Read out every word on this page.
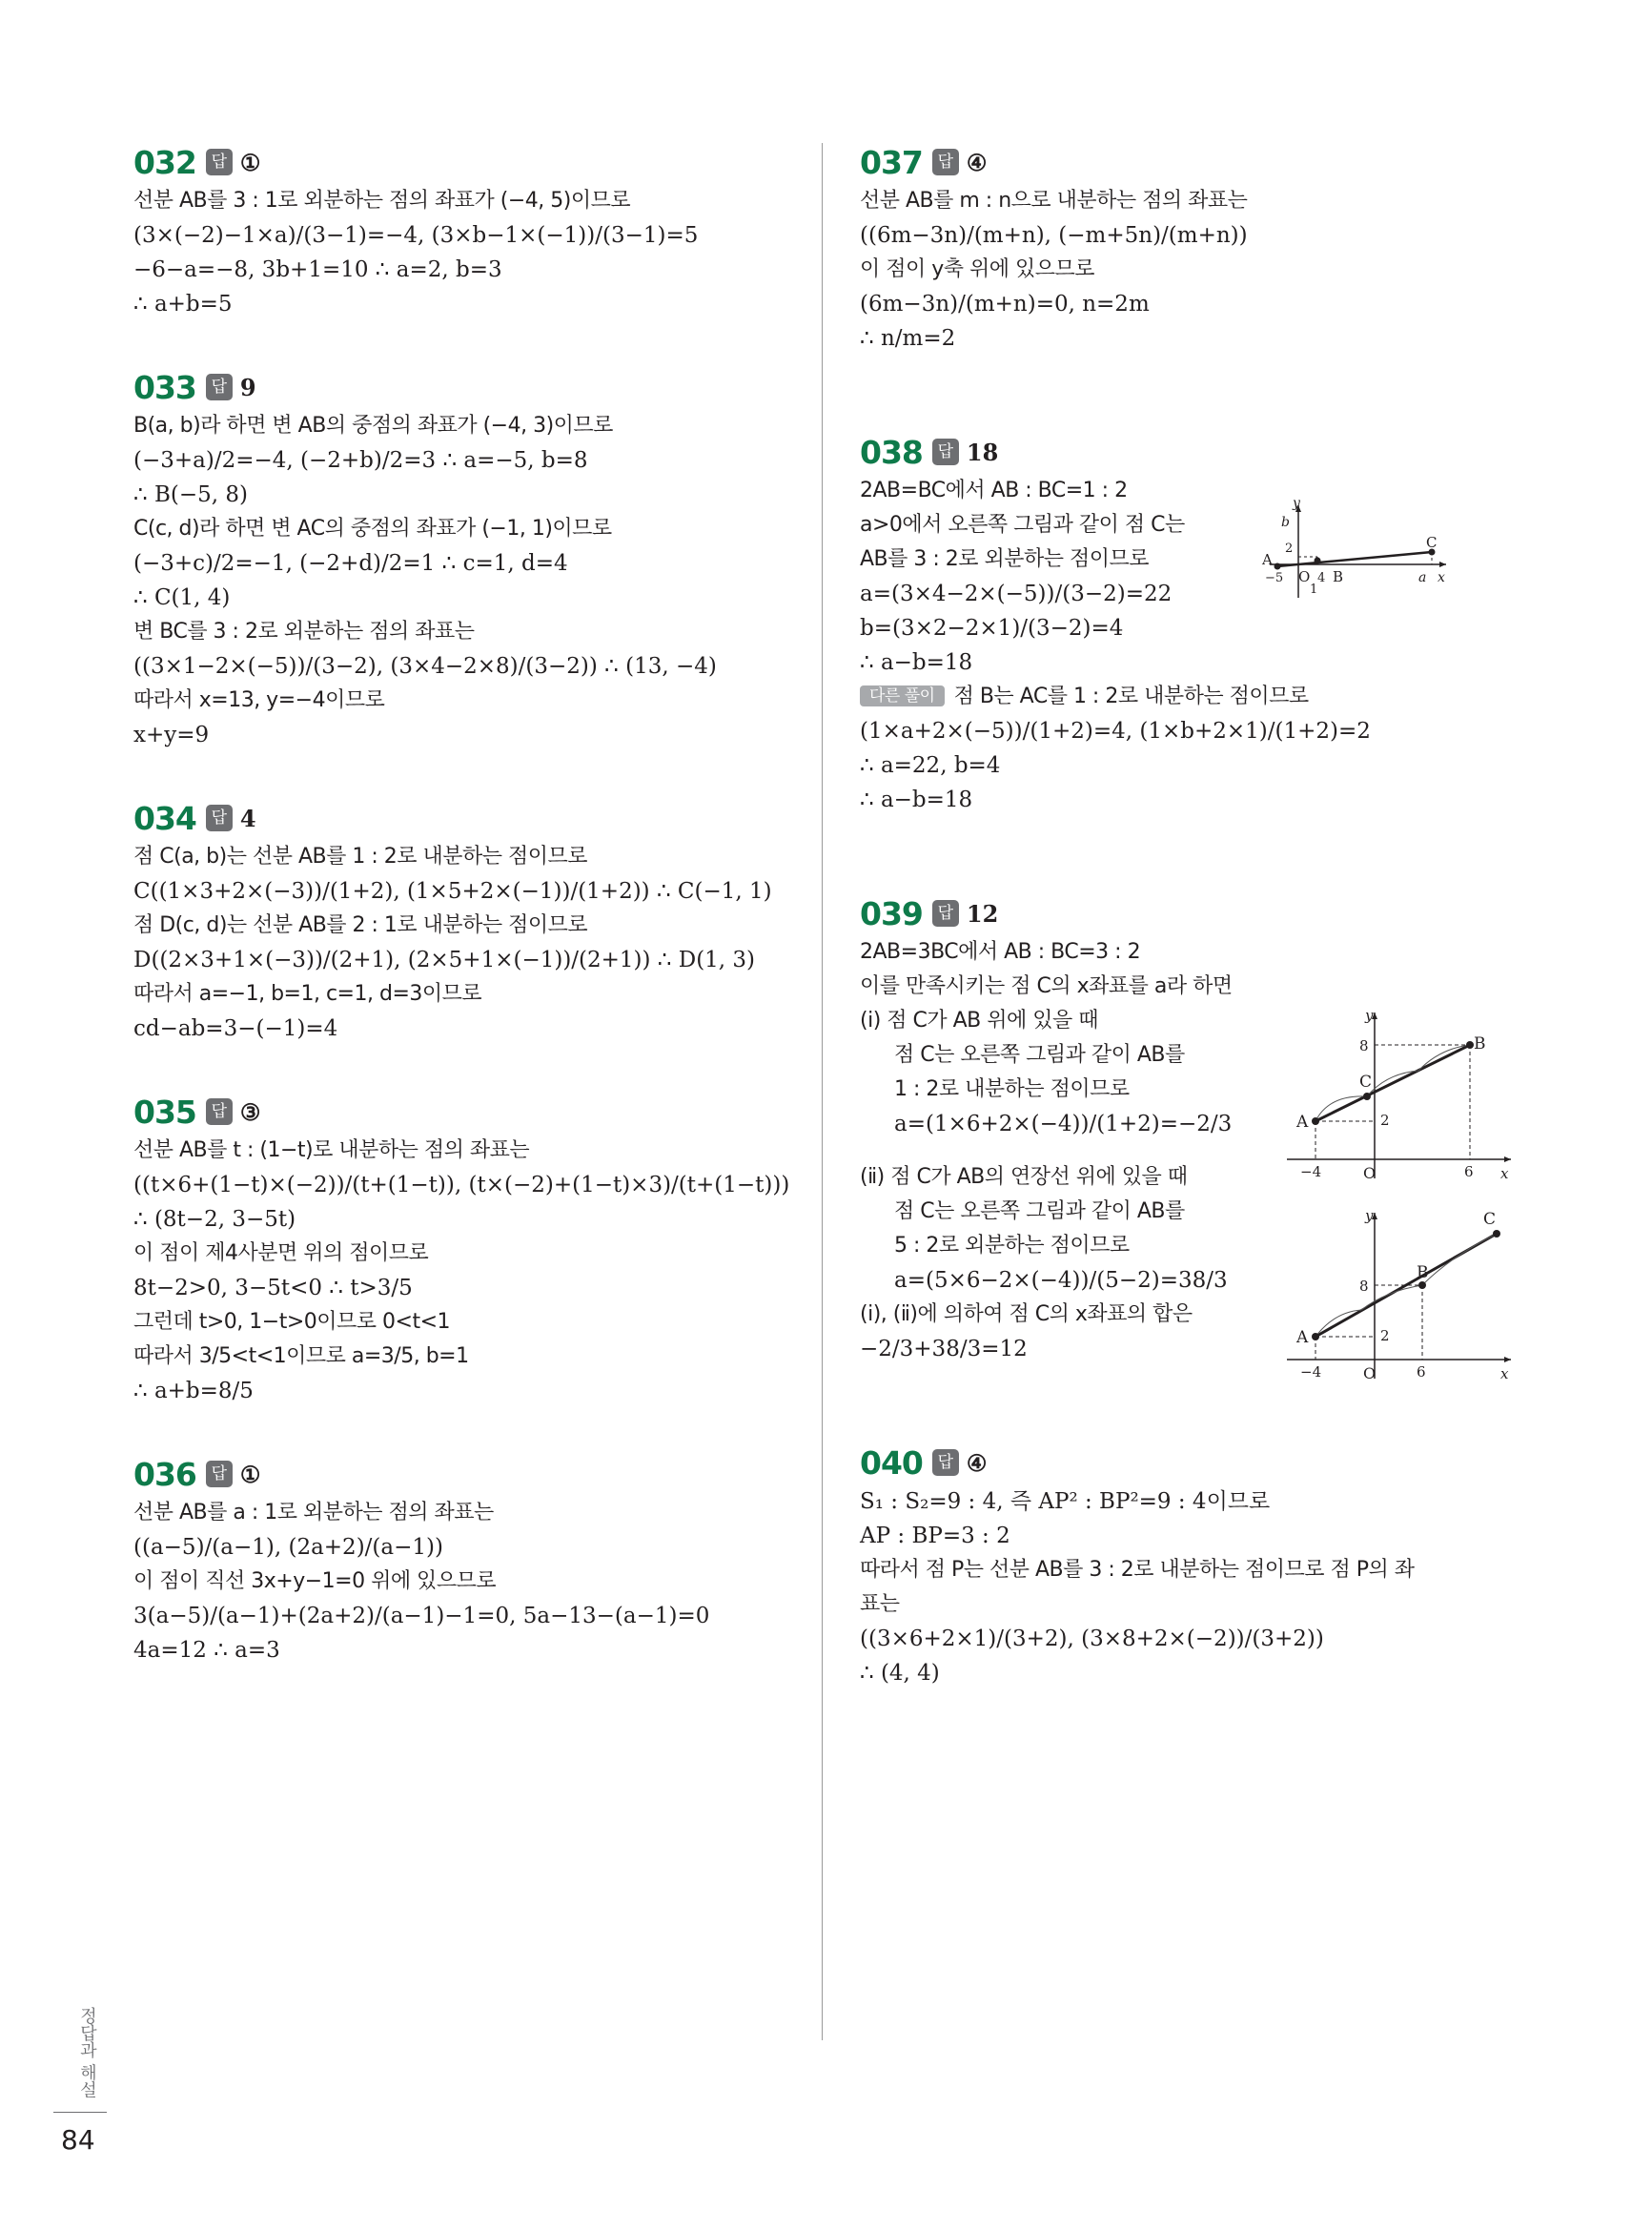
032 답 ①
선분 AB를 3 : 1로 외분하는 점의 좌표가 (−4, 5)이므로
(3×(−2)−1×a)/(3−1)=−4, (3×b−1×(−1))/(3−1)=5
−6−a=−8, 3b+1=10 ∴ a=2, b=3
∴ a+b=5
033 답 9
B(a, b)라 하면 변 AB의 중점의 좌표가 (−4, 3)이므로
(−3+a)/2=−4, (−2+b)/2=3 ∴ a=−5, b=8
∴ B(−5, 8)
C(c, d)라 하면 변 AC의 중점의 좌표가 (−1, 1)이므로
(−3+c)/2=−1, (−2+d)/2=1 ∴ c=1, d=4
∴ C(1, 4)
변 BC를 3 : 2로 외분하는 점의 좌표는
((3×1−2×(−5))/(3−2), (3×4−2×8)/(3−2)) ∴ (13, −4)
따라서 x=13, y=−4이므로
x+y=9
034 답 4
점 C(a, b)는 선분 AB를 1 : 2로 내분하는 점이므로
C((1×3+2×(−3))/(1+2), (1×5+2×(−1))/(1+2)) ∴ C(−1, 1)
점 D(c, d)는 선분 AB를 2 : 1로 내분하는 점이므로
D((2×3+1×(−3))/(2+1), (2×5+1×(−1))/(2+1)) ∴ D(1, 3)
따라서 a=−1, b=1, c=1, d=3이므로
cd−ab=3−(−1)=4
035 답 ③
선분 AB를 t : (1−t)로 내분하는 점의 좌표는
((t×6+(1−t)×(−2))/(t+(1−t)), (t×(−2)+(1−t)×3)/(t+(1−t)))
∴ (8t−2, 3−5t)
이 점이 제4사분면 위의 점이므로
8t−2>0, 3−5t<0 ∴ t>3/5
그런데 t>0, 1−t>0이므로 0<t<1
따라서 3/5<t<1이므로 a=3/5, b=1
∴ a+b=8/5
036 답 ①
선분 AB를 a : 1로 외분하는 점의 좌표는
((a−5)/(a−1), (2a+2)/(a−1))
이 점이 직선 3x+y−1=0 위에 있으므로
3(a−5)/(a−1)+(2a+2)/(a−1)−1=0, 5a−13−(a−1)=0
4a=12 ∴ a=3
037 답 ④
선분 AB를 m : n으로 내분하는 점의 좌표는
((6m−3n)/(m+n), (−m+5n)/(m+n))
이 점이 y축 위에 있으므로
(6m−3n)/(m+n)=0, n=2m
∴ n/m=2
038 답 18
2AB=BC에서 AB : BC=1 : 2
a>0에서 오른쪽 그림과 같이 점 C는
AB를 3 : 2로 외분하는 점이므로
a=(3×4−2×(−5))/(3−2)=22
b=(3×2−2×1)/(3−2)=4
∴ a−b=18
다른 풀이 점 B는 AC를 1 : 2로 내분하는 점이므로
(1×a+2×(−5))/(1+2)=4, (1×b+2×1)/(1+2)=2
∴ a=22, b=4
∴ a−b=18
y
x
A
C
B
O
b
2
−5
1
4	a
039 답 12
2AB=3BC에서 AB : BC=3 : 2
이를 만족시키는 점 C의 x좌표를 a라 하면
(ⅰ) 점 C가 AB 위에 있을 때
점 C는 오른쪽 그림과 같이 AB를
1 : 2로 내분하는 점이므로
a=(1×6+2×(−4))/(1+2)=−2/3
(ⅱ) 점 C가 AB의 연장선 위에 있을 때
점 C는 오른쪽 그림과 같이 AB를
5 : 2로 외분하는 점이므로
a=(5×6−2×(−4))/(5−2)=38/3
(ⅰ), (ⅱ)에 의하여 점 C의 x좌표의 합은
−2/3+38/3=12
y
x
A
B
C
O
8
2
−4	6
y
x
A
B
C
O
8
2
−4	6
040 답 ④
S₁ : S₂=9 : 4, 즉 AP² : BP²=9 : 4이므로
AP : BP=3 : 2
따라서 점 P는 선분 AB를 3 : 2로 내분하는 점이므로 점 P의 좌
표는
((3×6+2×1)/(3+2), (3×8+2×(−2))/(3+2))
∴ (4, 4)
정답과 해설
84
